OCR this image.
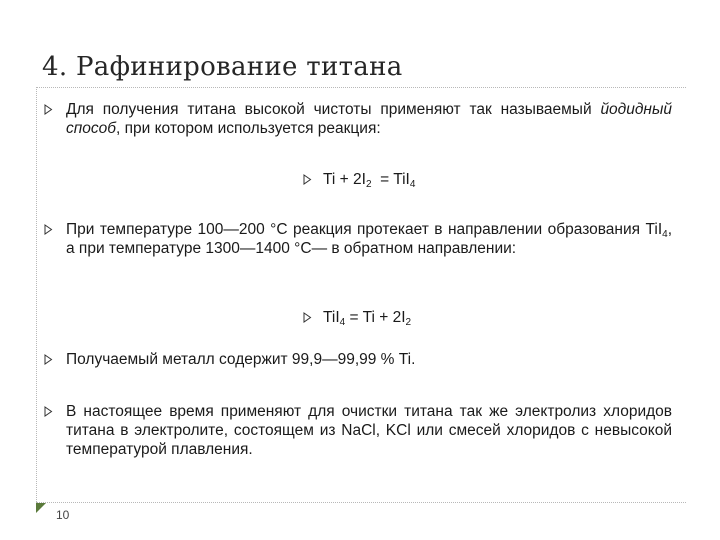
4. Рафинирование титана
Для получения титана высокой чистоты применяют так называемый йодидный способ, при котором используется реакция:
$Ti + 2I_2 = TiI_4$
При температуре 100—200 °С реакция протекает в направлении образования TiI$_4$, а при температуре 1300—1400 °С— в обратном направлении:
$TiI_4 = Ti + 2I_2$
Получаемый металл содержит 99,9—99,99 % Ti.
В настоящее время применяют для очистки титана так же электролиз хлоридов титана в электролите, состоящем из NaCl, KCl или смесей хлоридов с невысокой температурой плавления.
10
